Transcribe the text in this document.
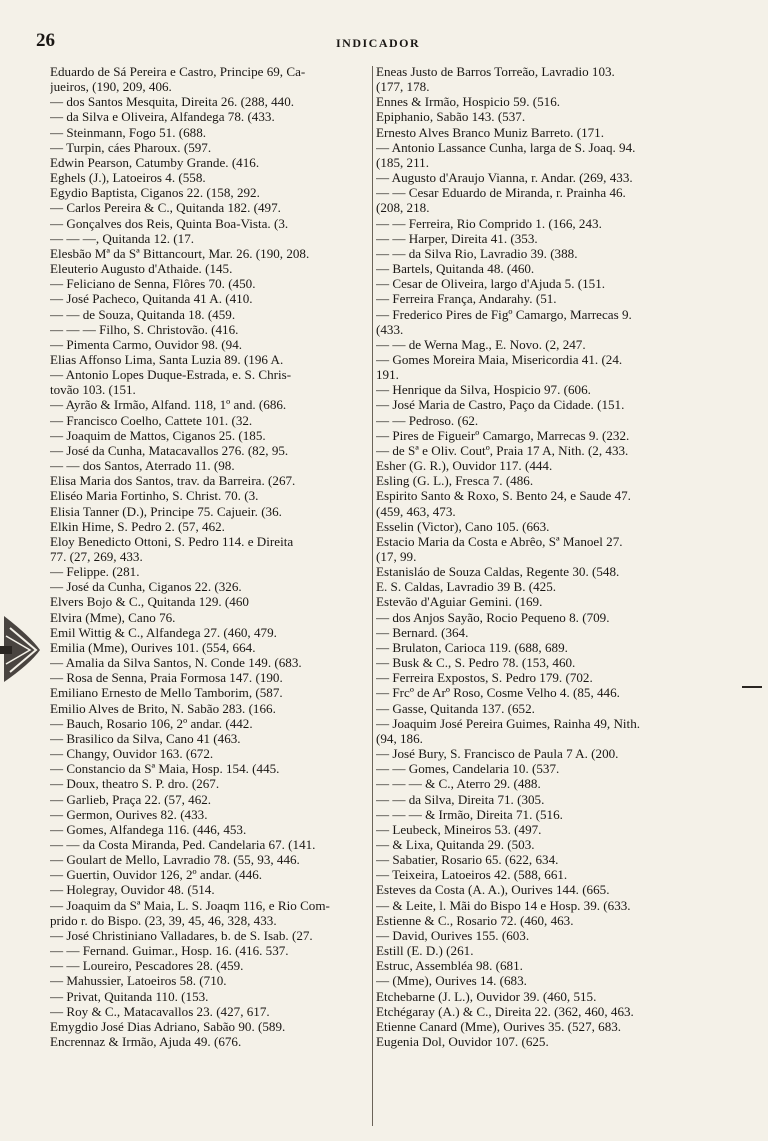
26	INDICADOR
Eduardo de Sá Pereira e Castro, Principe 69, Ca-
jueiros, (190, 209, 406.
— dos Santos Mesquita, Direita 26. (288, 440.
— da Silva e Oliveira, Alfandega 78. (433.
— Steinmann, Fogo 51. (688.
— Turpin, cáes Pharoux. (597.
Edwin Pearson, Catumby Grande. (416.
Eghels (J.), Latoeiros 4. (558.
Egydio Baptista, Ciganos 22. (158, 292.
— Carlos Pereira & C., Quitanda 182. (497.
— Gonçalves dos Reis, Quinta Boa-Vista. (3.
— — —, Quitanda 12. (17.
Elesbão Mª da Sª Bittancourt, Mar. 26. (190, 208.
Eleuterio Augusto d'Athaide. (145.
— Feliciano de Senna, Flôres 70. (450.
— José Pacheco, Quitanda 41 A. (410.
— — de Souza, Quitanda 18. (459.
— — — Filho, S. Christovão. (416.
— Pimenta Carmo, Ouvidor 98. (94.
Elias Affonso Lima, Santa Luzia 89. (196 A.
— Antonio Lopes Duque-Estrada, e. S. Chris-
tovão 103. (151.
— Ayrão & Irmão, Alfand. 118, 1º and. (686.
— Francisco Coelho, Cattete 101. (32.
— Joaquim de Mattos, Ciganos 25. (185.
— José da Cunha, Matacavallos 276. (82, 95.
— — dos Santos, Aterrado 11. (98.
Elisa Maria dos Santos, trav. da Barreira. (267.
Eliséo Maria Fortinho, S. Christ. 70. (3.
Elisia Tanner (D.), Principe 75. Cajueir. (36.
Elkin Hime, S. Pedro 2. (57, 462.
Eloy Benedicto Ottoni, S. Pedro 114. e Direita
77. (27, 269, 433.
— Felippe. (281.
— José da Cunha, Ciganos 22. (326.
Elvers Bojo & C., Quitanda 129. (460
Elvira (Mme), Cano 76.
Emil Wittig & C., Alfandega 27. (460, 479.
Emilia (Mme), Ourives 101. (554, 664.
— Amalia da Silva Santos, N. Conde 149. (683.
— Rosa de Senna, Praia Formosa 147. (190.
Emiliano Ernesto de Mello Tamborim, (587.
Emilio Alves de Brito, N. Sabão 283. (166.
— Bauch, Rosario 106, 2º andar. (442.
— Brasilico da Silva, Cano 41 (463.
— Changy, Ouvidor 163. (672.
— Constancio da Sª Maia, Hosp. 154. (445.
— Doux, theatro S. P. dro. (267.
— Garlieb, Praça 22. (57, 462.
— Germon, Ourives 82. (433.
— Gomes, Alfandega 116. (446, 453.
— — da Costa Miranda, Ped. Candelaria 67. (141.
— Goulart de Mello, Lavradio 78. (55, 93, 446.
— Guertin, Ouvidor 126, 2º andar. (446.
— Holegray, Ouvidor 48. (514.
— Joaquim da Sª Maia, L. S. Joaqm 116, e Rio Com-
prido r. do Bispo. (23, 39, 45, 46, 328, 433.
— José Christiniano Valladares, b. de S. Isab. (27.
— — Fernand. Guimar., Hosp. 16. (416. 537.
— — Loureiro, Pescadores 28. (459.
— Mahussier, Latoeiros 58. (710.
— Privat, Quitanda 110. (153.
— Roy & C., Matacavallos 23. (427, 617.
Emygdio José Dias Adriano, Sabão 90. (589.
Encrennaz & Irmão, Ajuda 49. (676.
Eneas Justo de Barros Torreão, Lavradio 103.
(177, 178.
Ennes & Irmão, Hospicio 59. (516.
Epiphanio, Sabão 143. (537.
Ernesto Alves Branco Muniz Barreto. (171.
— Antonio Lassance Cunha, larga de S. Joaq. 94.
(185, 211.
— Augusto d'Araujo Vianna, r. Andar. (269, 433.
— — Cesar Eduardo de Miranda, r. Prainha 46.
(208, 218.
— — Ferreira, Rio Comprido 1. (166, 243.
— — Harper, Direita 41. (353.
— — da Silva Rio, Lavradio 39. (388.
— Bartels, Quitanda 48. (460.
— Cesar de Oliveira, largo d'Ajuda 5. (151.
— Ferreira França, Andarahy. (51.
— Frederico Pires de Figº Camargo, Marrecas 9.
(433.
— — de Werna Mag., E. Novo. (2, 247.
— Gomes Moreira Maia, Misericordia 41. (24.
191.
— Henrique da Silva, Hospicio 97. (606.
— José Maria de Castro, Paço da Cidade. (151.
— — Pedroso. (62.
— Pires de Figueirº Camargo, Marrecas 9. (232.
— de Sª e Oliv. Coutº, Praia 17 A, Nith. (2, 433.
Esher (G. R.), Ouvidor 117. (444.
Esling (G. L.), Fresca 7. (486.
Espirito Santo & Roxo, S. Bento 24, e Saude 47.
(459, 463, 473.
Esselin (Victor), Cano 105. (663.
Estacio Maria da Costa e Abrêo, Sª Manoel 27.
(17, 99.
Estanisláo de Souza Caldas, Regente 30. (548.
E. S. Caldas, Lavradio 39 B. (425.
Estevão d'Aguiar Gemini. (169.
— dos Anjos Sayão, Rocio Pequeno 8. (709.
— Bernard. (364.
— Brulaton, Carioca 119. (688, 689.
— Busk & C., S. Pedro 78. (153, 460.
— Ferreira Expostos, S. Pedro 179. (702.
— Frcº de Arº Roso, Cosme Velho 4. (85, 446.
— Gasse, Quitanda 137. (652.
— Joaquim José Pereira Guimes, Rainha 49, Nith.
(94, 186.
— José Bury, S. Francisco de Paula 7 A. (200.
— — Gomes, Candelaria 10. (537.
— — — & C., Aterro 29. (488.
— — da Silva, Direita 71. (305.
— — — & Irmão, Direita 71. (516.
— Leubeck, Mineiros 53. (497.
— & Lixa, Quitanda 29. (503.
— Sabatier, Rosario 65. (622, 634.
— Teixeira, Latoeiros 42. (588, 661.
Esteves da Costa (A. A.), Ourives 144. (665.
— & Leite, l. Mãi do Bispo 14 e Hosp. 39. (633.
Estienne & C., Rosario 72. (460, 463.
— David, Ourives 155. (603.
Estill (E. D.) (261.
Estruc, Assembléa 98. (681.
— (Mme), Ourives 14. (683.
Etchebarne (J. L.), Ouvidor 39. (460, 515.
Etchégaray (A.) & C., Direita 22. (362, 460, 463.
Etienne Canard (Mme), Ourives 35. (527, 683.
Eugenia Dol, Ouvidor 107. (625.
